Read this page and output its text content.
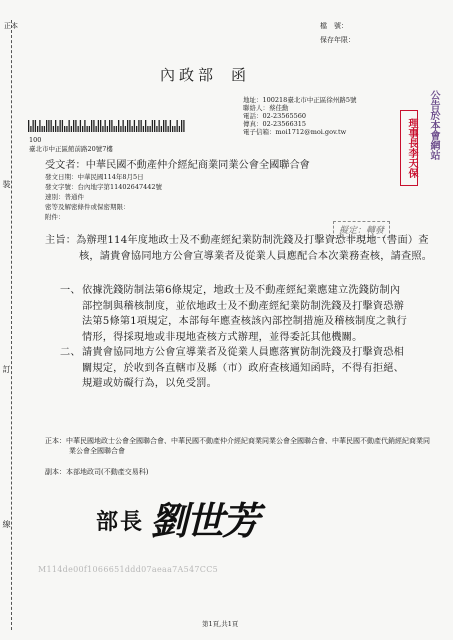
正本
裝
訂
線
檔　號：
保存年限：
內政部 函
地址：100218臺北市中正區徐州路5號
聯絡人：蔡佳勳
電話：02-23565560
傳真：02-23566315
電子信箱：moi1712@moi.gov.tw	理事長李天保	公告於本會網站
100
臺北市中正區館前路20號7樓
受文者：中華民國不動產仲介經紀商業同業公會全國聯合會
發文日期：中華民國114年8月5日
發文字號：台內地字第11402647442號
速別：普通件
密等及解密條件或保密期限：
附件：
擬定：轉發
主旨：為辦理114年度地政士及不動產經紀業防制洗錢及打擊資恐非現地（書面）查核，請貴會協同地方公會宣導業者及從業人員應配合本次業務查核，請查照。
一、 依據洗錢防制法第6條規定，地政士及不動產經紀業應建立洗錢防制內部控制與稽核制度，並依地政士及不動產經紀業防制洗錢及打擊資恐辦法第5條第1項規定，本部每年應查核該內部控制措施及稽核制度之執行情形，得採現地或非現地查核方式辦理，並得委託其他機關。
二、 請貴會協同地方公會宣導業者及從業人員應落實防制洗錢及打擊資恐相關規定，於收到各直轄市及縣（市）政府查核通知函時，不得有拒絕、規避或妨礙行為，以免受罰。
正本：中華民國地政士公會全國聯合會、中華民國不動產仲介經紀商業同業公會全國聯合會、中華民國不動產代銷經紀商業同業公會全國聯合會
副本：本部地政司(不動產交易科)
部長 劉世芳
M114de00f1066651ddd07aeaa7A547CC5
第1頁,共1頁
